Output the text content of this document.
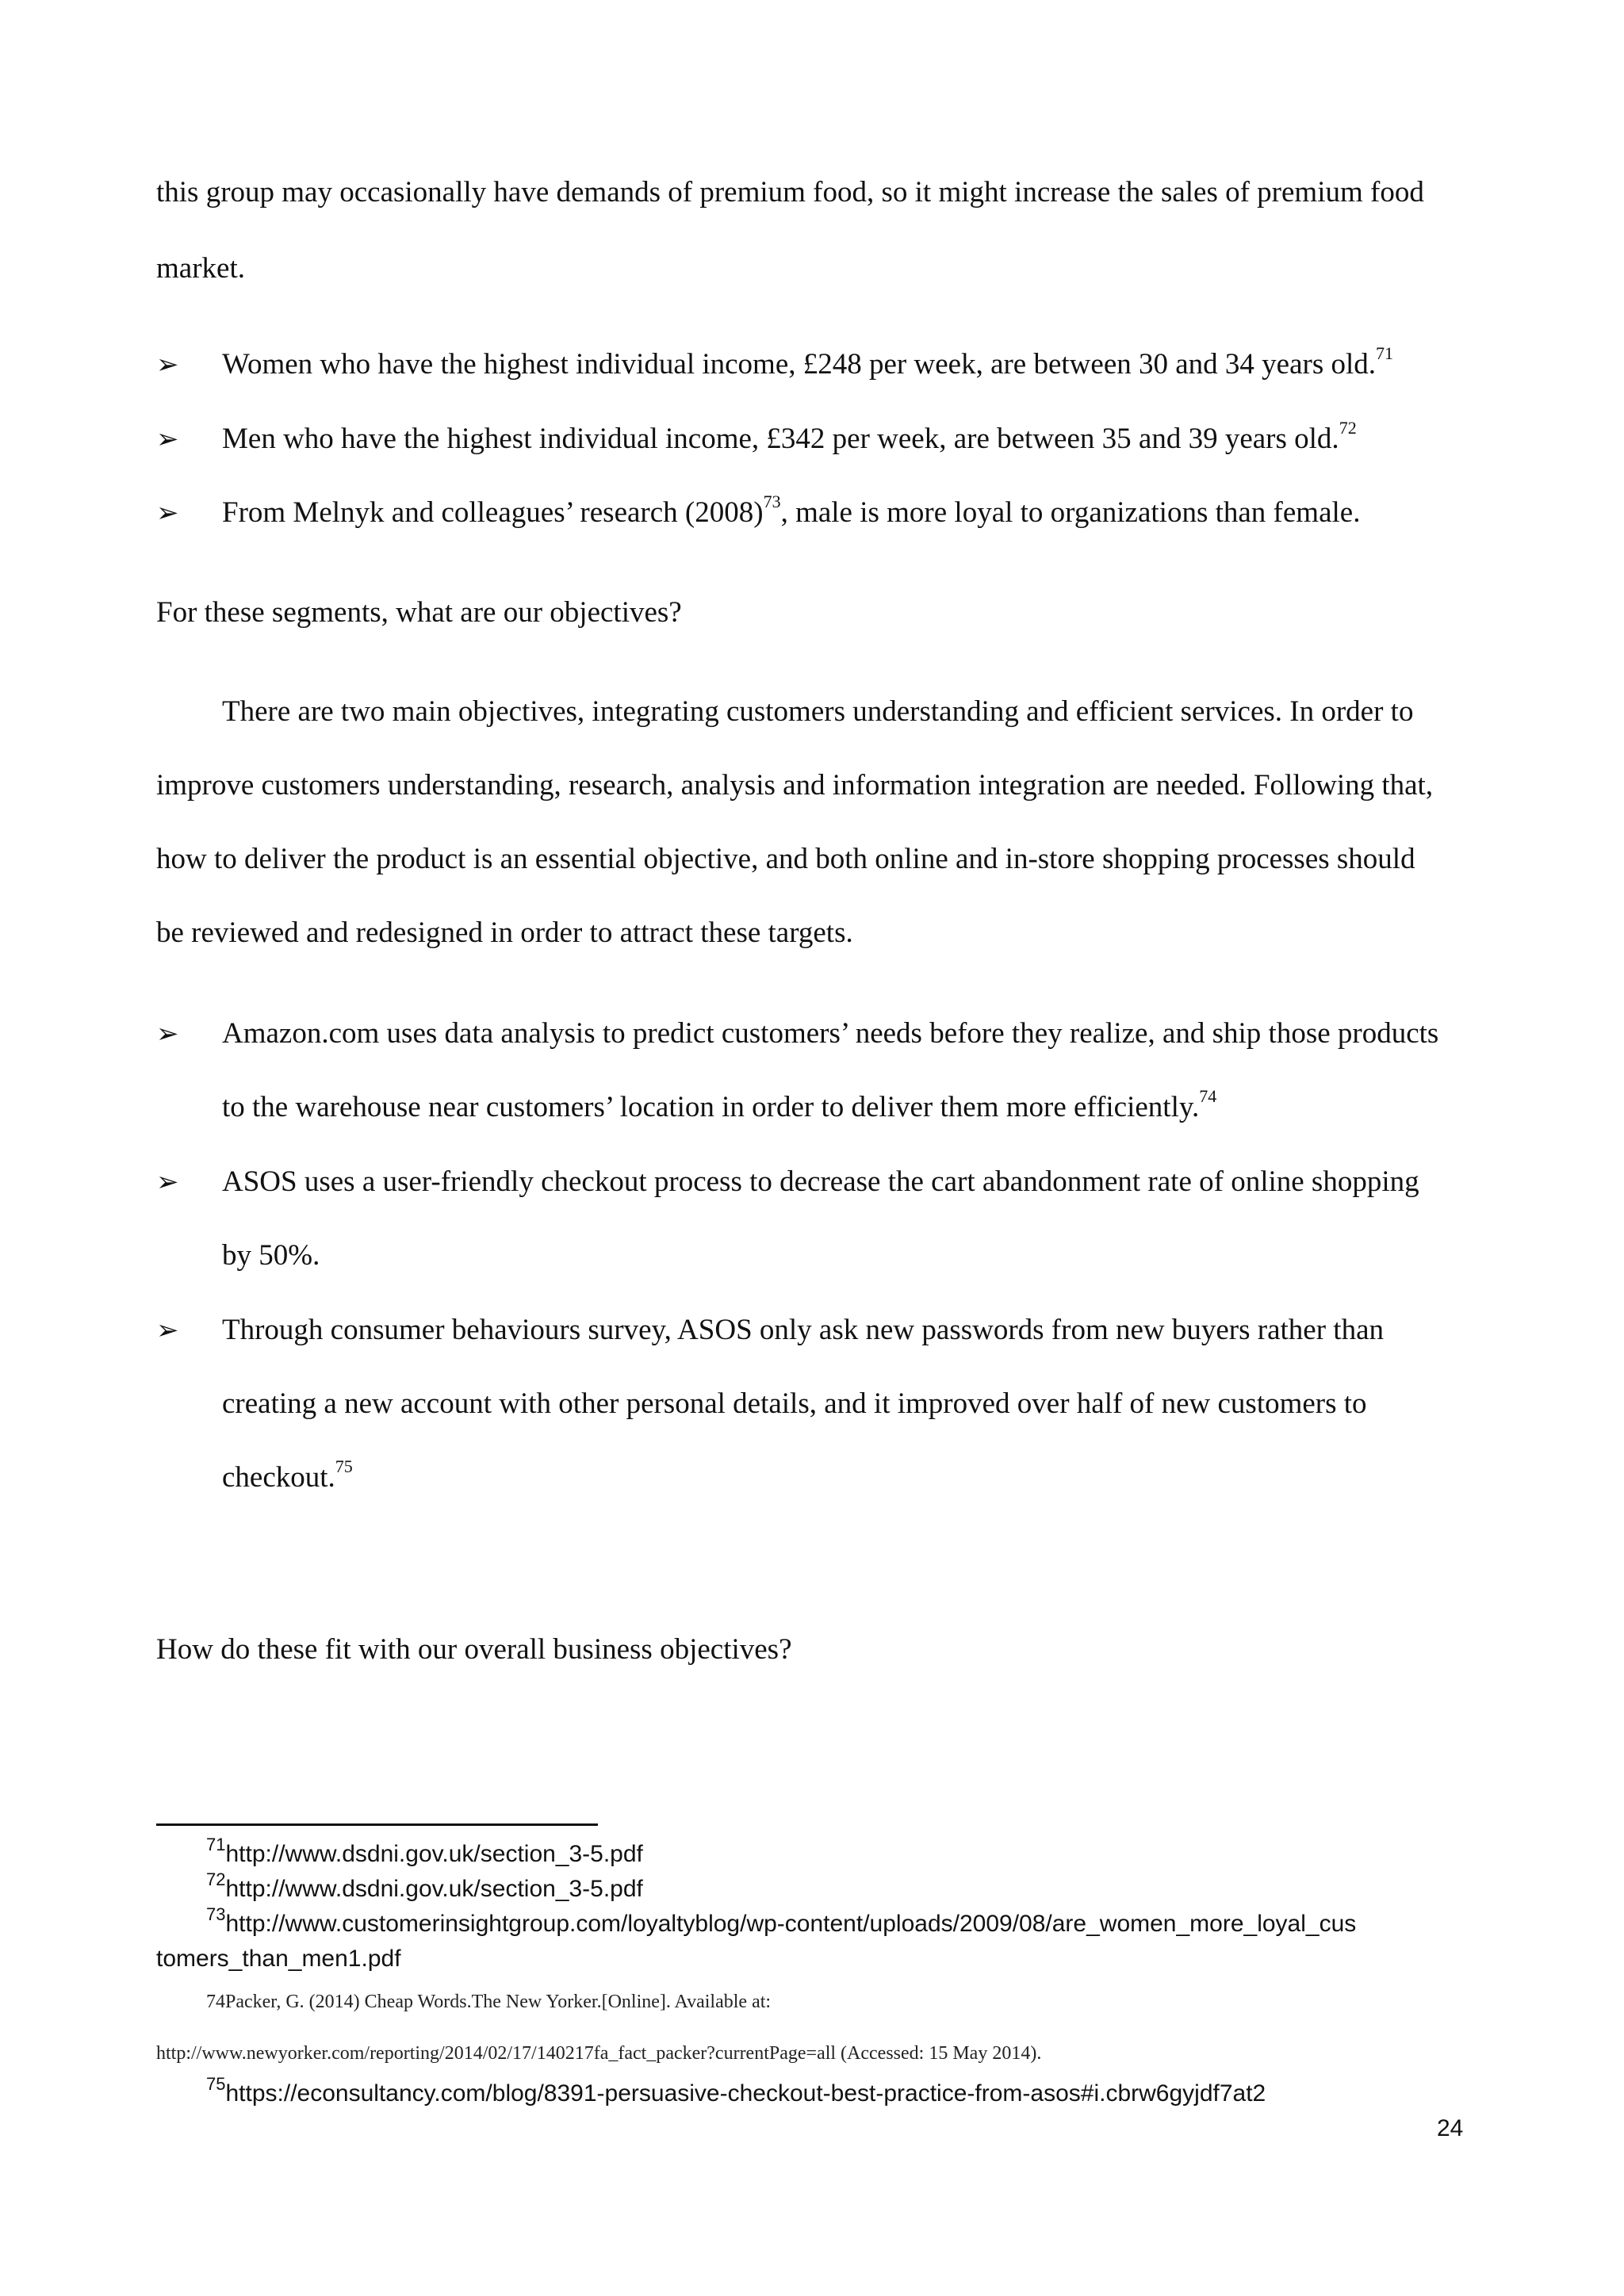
this group may occasionally have demands of premium food, so it might increase the sales of premium food
market.
➢ Women who have the highest individual income, £248 per week, are between 30 and 34 years old.$^{71}$
➢ Men who have the highest individual income, £342 per week, are between 35 and 39 years old.$^{72}$
➢ From Melnyk and colleagues’ research $(2008)^{73}$, male is more loyal to organizations than female.
For these segments, what are our objectives?
There are two main objectives, integrating customers understanding and efficient services. In order to
improve customers understanding, research, analysis and information integration are needed. Following that,
how to deliver the product is an essential objective, and both online and in-store shopping processes should
be reviewed and redesigned in order to attract these targets.
➢ Amazon.com uses data analysis to predict customers’ needs before they realize, and ship those products
to the warehouse near customers’ location in order to deliver them more efficiently.$^{74}$
➢ ASOS uses a user-friendly checkout process to decrease the cart abandonment rate of online shopping
by 50%.
➢ Through consumer behaviours survey, ASOS only ask new passwords from new buyers rather than
creating a new account with other personal details, and it improved over half of new customers to
checkout.$^{75}$
How do these fit with our overall business objectives?
$^{71}$http://www.dsdni.gov.uk/section_3-5.pdf
$^{72}$http://www.dsdni.gov.uk/section_3-5.pdf
$^{73}$http://www.customerinsightgroup.com/loyaltyblog/wp-content/uploads/2009/08/are_women_more_loyal_cus
tomers_than_men1.pdf
74Packer, G. (2014) Cheap Words.The New Yorker.[Online]. Available at:
http://www.newyorker.com/reporting/2014/02/17/140217fa_fact_packer?currentPage=all (Accessed: 15 May 2014).
$^{75}$https://econsultancy.com/blog/8391-persuasive-checkout-best-practice-from-asos#i.cbrw6gyjdf7at2
24
